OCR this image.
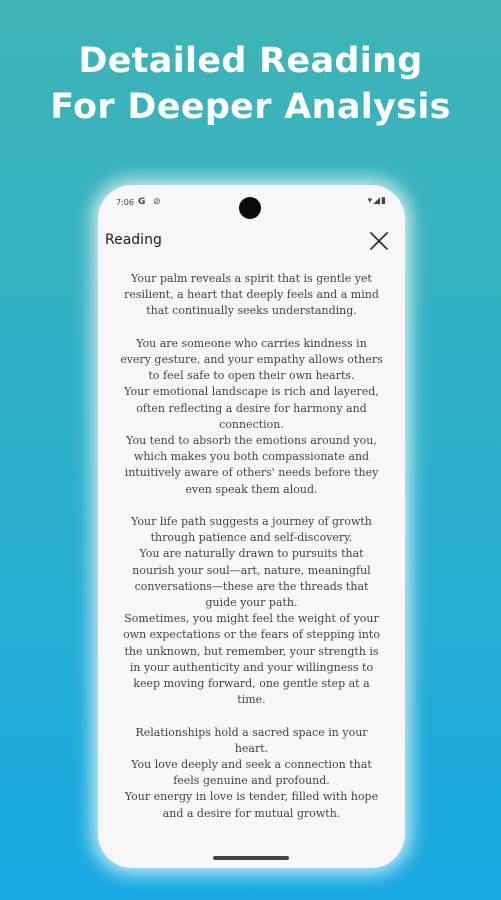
Detailed Reading
For Deeper Analysis
7:06 G ⊘	▾◢▮
Reading
Your palm reveals a spirit that is gentle yet
resilient, a heart that deeply feels and a mind
that continually seeks understanding.
You are someone who carries kindness in
every gesture, and your empathy allows others
to feel safe to open their own hearts.
Your emotional landscape is rich and layered,
often reflecting a desire for harmony and
connection.
You tend to absorb the emotions around you,
which makes you both compassionate and
intuitively aware of others' needs before they
even speak them aloud.
Your life path suggests a journey of growth
through patience and self-discovery.
You are naturally drawn to pursuits that
nourish your soul—art, nature, meaningful
conversations—these are the threads that
guide your path.
Sometimes, you might feel the weight of your
own expectations or the fears of stepping into
the unknown, but remember, your strength is
in your authenticity and your willingness to
keep moving forward, one gentle step at a
time.
Relationships hold a sacred space in your
heart.
You love deeply and seek a connection that
feels genuine and profound.
Your energy in love is tender, filled with hope
and a desire for mutual growth.
